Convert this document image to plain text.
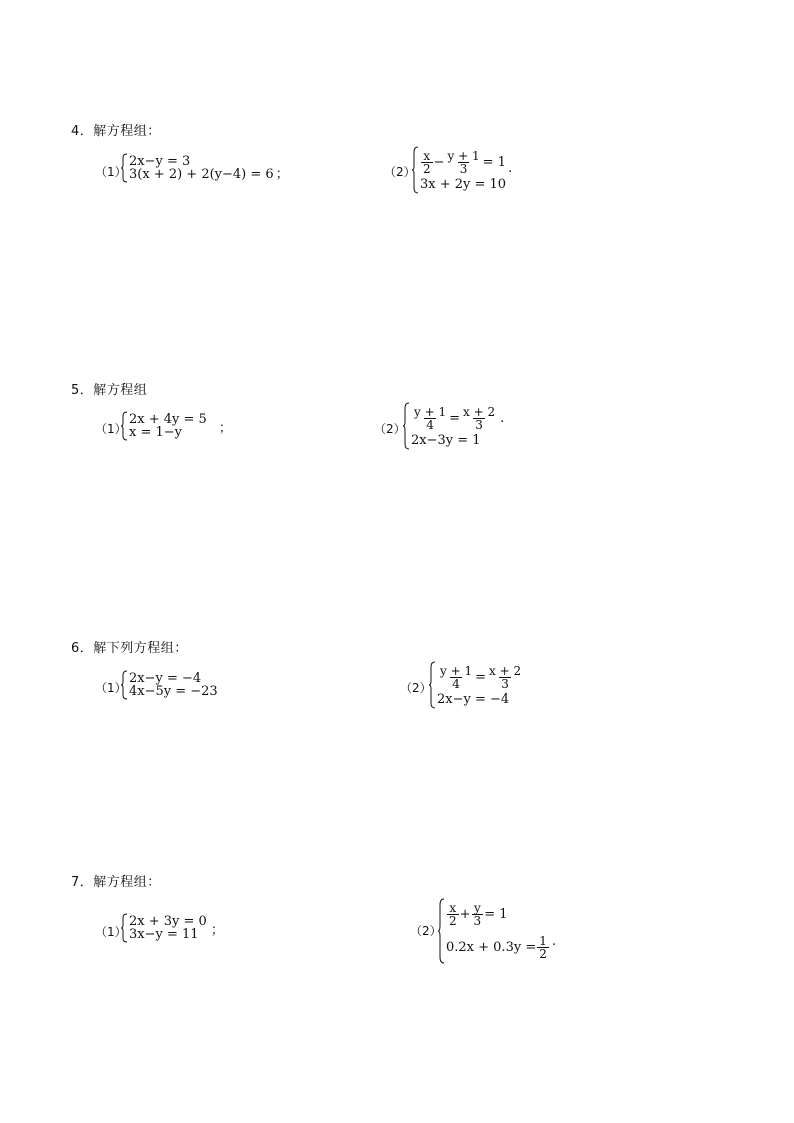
4．解方程组：
（1）
2x−y = 3
3(x + 2) + 2(y−4) = 6 ；	$(2) \frac{x}{2} - \frac{y + 1}{3} = 1$
3x + 2y = 10
.
5．解方程组
（1）
2x + 4y = 5
x = 1−y	；	$(2) \frac{y + 1}{4} = \frac{x + 2}{3}$ .
2x−3y = 1
6．解下列方程组：
（1）
2x−y = −4
4x−5y = −23	$(2) \frac{y + 1}{4} = \frac{x + 2}{3}$
2x−y = −4
7．解方程组：
（1）
2x + 3y = 0
3x−y = 11 ；	（2）
$\frac{x}{2} + \frac{y}{3} = 1$
$0.2x + 0.3y = \frac{1}{2}$ .
